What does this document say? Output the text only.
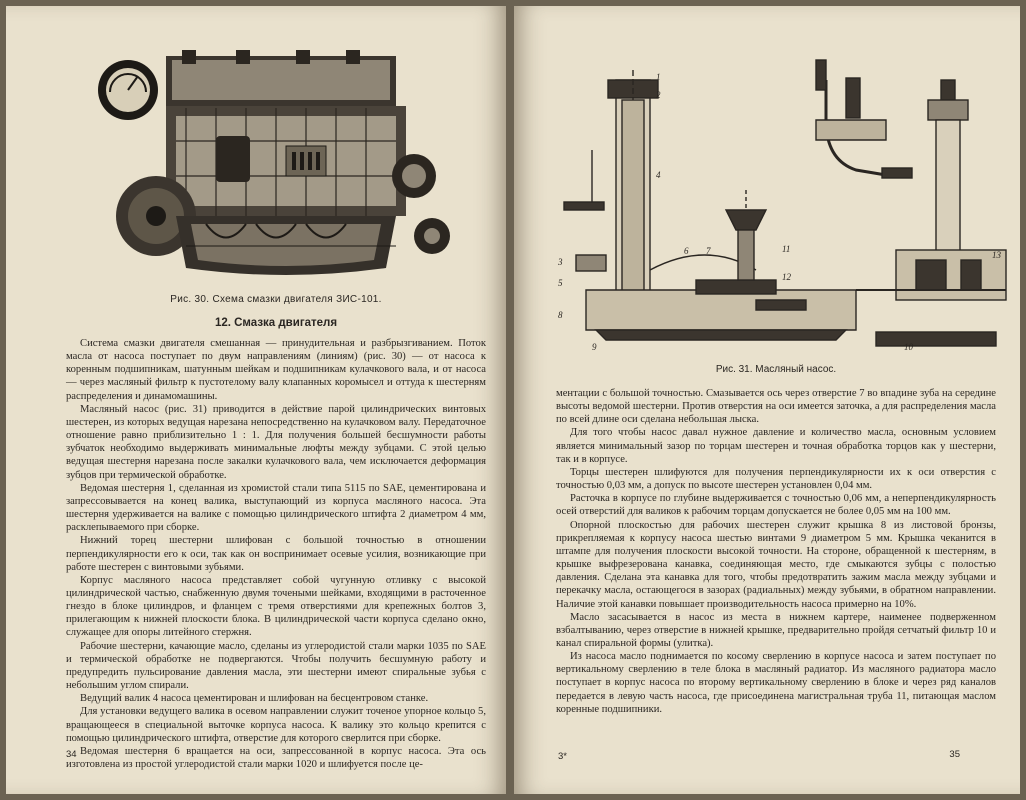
Рис. 30. Схема смазки двигателя ЗИС-101.
12. Смазка двигателя

Система смазки двигателя смешанная — принудительная и разбрызгиванием. Поток масла от насоса поступает по двум направлениям (линиям) (рис. 30) — от насоса к коренным подшипникам, шатунным шейкам и подшипникам кулачкового вала, и от насоса — через масляный фильтр к пустотелому валу клапанных коромысел и оттуда к шестерням распределения и динамомашины.

Масляный насос (рис. 31) приводится в действие парой цилиндрических винтовых шестерен, из которых ведущая нарезана непосредственно на кулачковом валу. Передаточное отношение равно приблизительно 1 : 1. Для получения большей бесшумности работы зубчаток необходимо выдерживать минимальные люфты между зубцами. С этой целью ведущая шестерня нарезана после закалки кулачкового вала, чем исключается деформация зубцов при термической обработке.

Ведомая шестерня 1, сделанная из хромистой стали типа 5115 по SAE, цементирована и запрессовывается на конец валика, выступающий из корпуса масляного насоса. Эта шестерня удерживается на валике с помощью цилиндрического штифта 2 диаметром 4 мм, расклепываемого при сборке.

Нижний торец шестерни шлифован с большой точностью в отношении перпендикулярности его к оси, так как он воспринимает осевые усилия, возникающие при работе шестерен с винтовыми зубьями.

Корпус масляного насоса представляет собой чугунную отливку с высокой цилиндрической частью, снабженную двумя точеными шейками, входящими в расточенное гнездо в блоке цилиндров, и фланцем с тремя отверстиями для крепежных болтов 3, прилегающим к нижней плоскости блока. В цилиндрической части корпуса сделано окно, служащее для опоры литейного стержня.

Рабочие шестерни, качающие масло, сделаны из углеродистой стали марки 1035 по SAE и термической обработке не подвергаются. Чтобы получить бесшумную работу и предупредить пульсирование давления масла, эти шестерни имеют спиральные зубья с небольшим углом спирали.

Ведущий валик 4 насоса цементирован и шлифован на бесцентровом станке.

Для установки ведущего валика в осевом направлении служит точеное упорное кольцо 5, вращающееся в специальной выточке корпуса насоса. К валику это кольцо крепится с помощью цилиндрического штифта, отверстие для которого сверлится при сборке.

Ведомая шестерня 6 вращается на оси, запрессованной в корпус насоса. Эта ось изготовлена из простой углеродистой стали марки 1020 и шлифуется после це-

34
1
2
3
4
5
6 7
8
9	10
11
12
13
Рис. 31. Масляный насос.

ментации с большой точностью. Смазывается ось через отверстие 7 во впадине зуба на середине высоты ведомой шестерни. Против отверстия на оси имеется заточка, а для распределения масла по всей длине оси сделана небольшая лыска.

Для того чтобы насос давал нужное давление и количество масла, основным условием является минимальный зазор по торцам шестерен и точная обработка торцов как у шестерни, так и в корпусе.

Торцы шестерен шлифуются для получения перпендикулярности их к оси отверстия с точностью 0,03 мм, а допуск по высоте шестерен установлен 0,04 мм.

Расточка в корпусе по глубине выдерживается с точностью 0,06 мм, а неперпендикулярность осей отверстий для валиков к рабочим торцам допускается не более 0,05 мм на 100 мм.

Опорной плоскостью для рабочих шестерен служит крышка 8 из листовой бронзы, прикрепляемая к корпусу насоса шестью винтами 9 диаметром 5 мм. Крышка чеканится в штампе для получения плоскости высокой точности. На стороне, обращенной к шестерням, в крышке выфрезерована канавка, соединяющая место, где смыкаются зубцы с полостью давления. Сделана эта канавка для того, чтобы предотвратить зажим масла между зубцами и перекачку масла, остающегося в зазорах (радиальных) между зубьями, в обратном направлении. Наличие этой канавки повышает производительность насоса примерно на 10%.

Масло засасывается в насос из места в нижнем картере, наименее подверженном взбалтыванию, через отверстие в нижней крышке, предварительно пройдя сетчатый фильтр 10 и канал спиральной формы (улитка).

Из насоса масло поднимается по косому сверлению в корпусе насоса и затем поступает по вертикальному сверлению в теле блока в масляный радиатор. Из масляного радиатора масло поступает в корпус насоса по второму вертикальному сверлению в блоке и через ряд каналов передается в левую часть насоса, где присоединена магистральная труба 11, питающая маслом коренные подшипники.

3*	35
